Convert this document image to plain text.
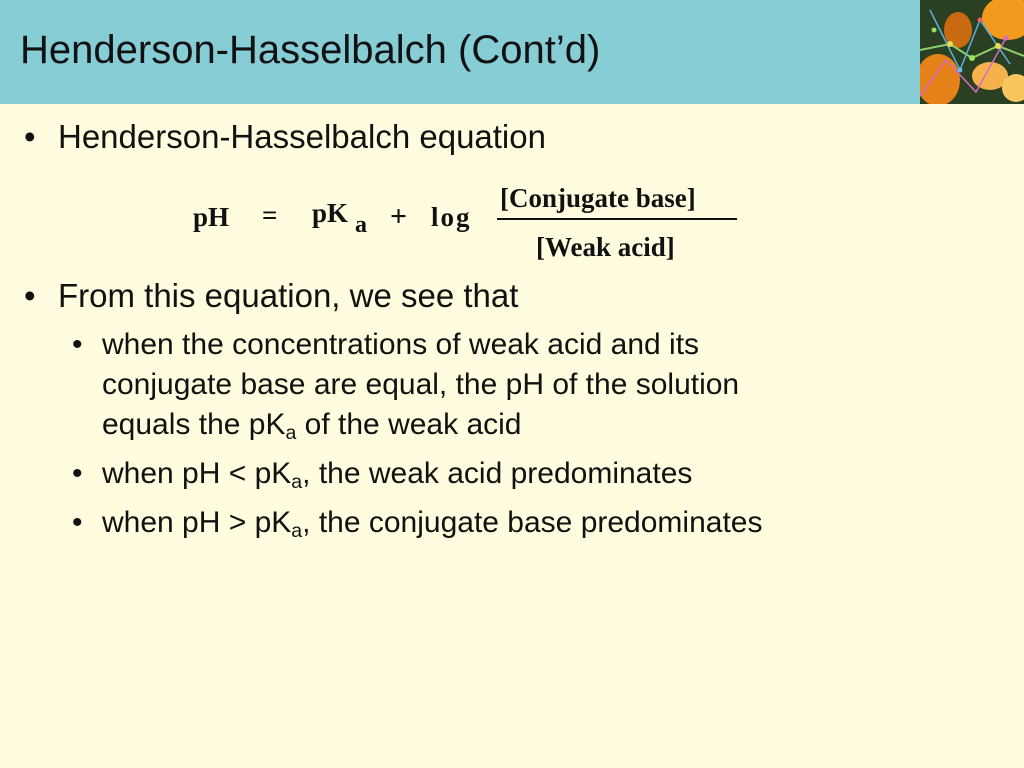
Henderson-Hasselbalch (Cont’d)
• Henderson-Hasselbalch equation
pH = pK a + log
[Conjugate base]
[Weak acid]
• From this equation, we see that
• when the concentrations of weak acid and its
conjugate base are equal, the pH of the solution
equals the pKa of the weak acid
• when pH < pKa, the weak acid predominates
• when pH > pKa, the conjugate base predominates
